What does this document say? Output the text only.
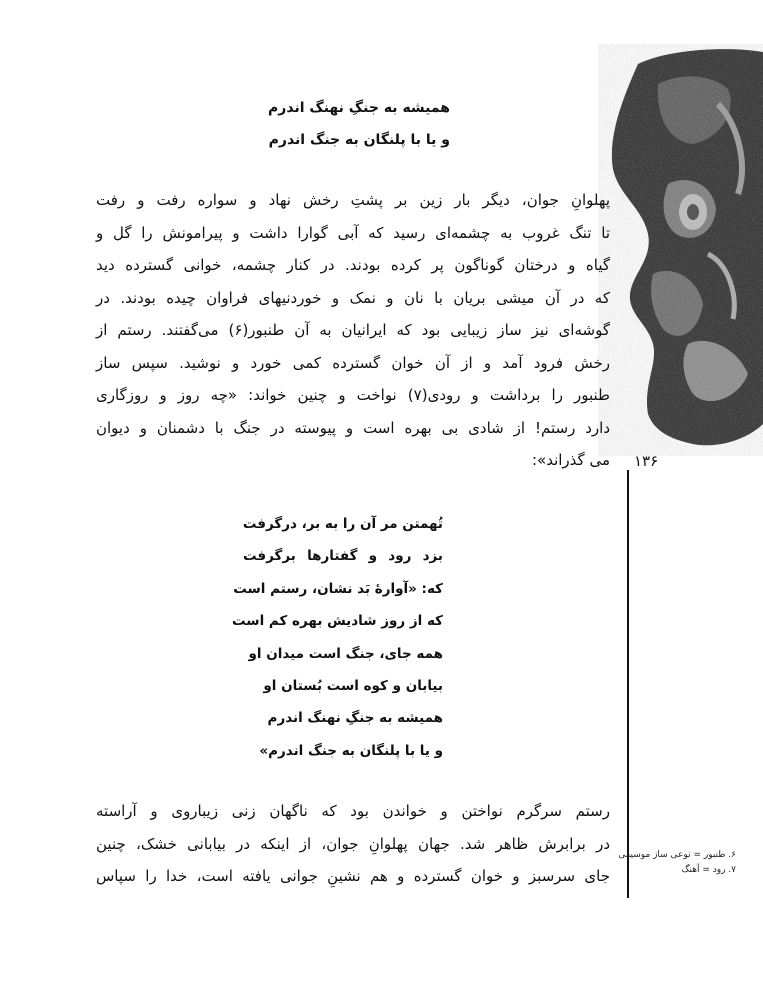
همیشه به جنگِ نهنگ اندرم
و یا با پلنگان به جنگ اندرم
پهلوانِ جوان، دیگر بار زین بر پشتِ رخش نهاد و سواره رفت و رفت
تا تنگ غروب به چشمه‌ای رسید که آبی گوارا داشت و پیرامونش را گل و
گیاه و درختان گوناگون پر کرده بودند. در کنار چشمه، خوانی گسترده دید
که در آن میشی بریان با نان و نمک و خوردنیهای فراوان چیده بودند. در
گوشه‌ای نیز ساز زیبایی بود که ایرانیان به آن طنبور(۶) می‌گفتند. رستم از
رخش فرود آمد و از آن خوان گسترده کمی خورد و نوشید. سپس ساز
طنبور را برداشت و رودی(۷) نواخت و چنین خواند: «چه روز و روزگاری
دارد رستم! از شادی بی بهره است و پیوسته در جنگ با دشمنان و دیوان
می گذراند»:
تُهمتن مر آن را به بر، درگرفت
بزد رود و گفتارها برگرفت
که: «آوارهٔ بَد نشان، رستم است
که از روز شادیش بهره کم است
همه جای، جنگ است میدان او
بیابان و کوه است بُستان او
همیشه به جنگِ نهنگ اندرم
و یا با پلنگان به جنگ اندرم»
رستم سرگرم نواختن و خواندن بود که ناگهان زنی زیباروی و آراسته
در برابرش ظاهر شد. جهان پهلوانِ جوان، از اینکه در بیابانی خشک، چنین
جای سرسبز و خوان گسترده و هم نشینِ جوانی یافته است، خدا را سپاس
۱۳۶
۶. طنبور = نوعی ساز موسیقی
۷. رود = آهنگ
